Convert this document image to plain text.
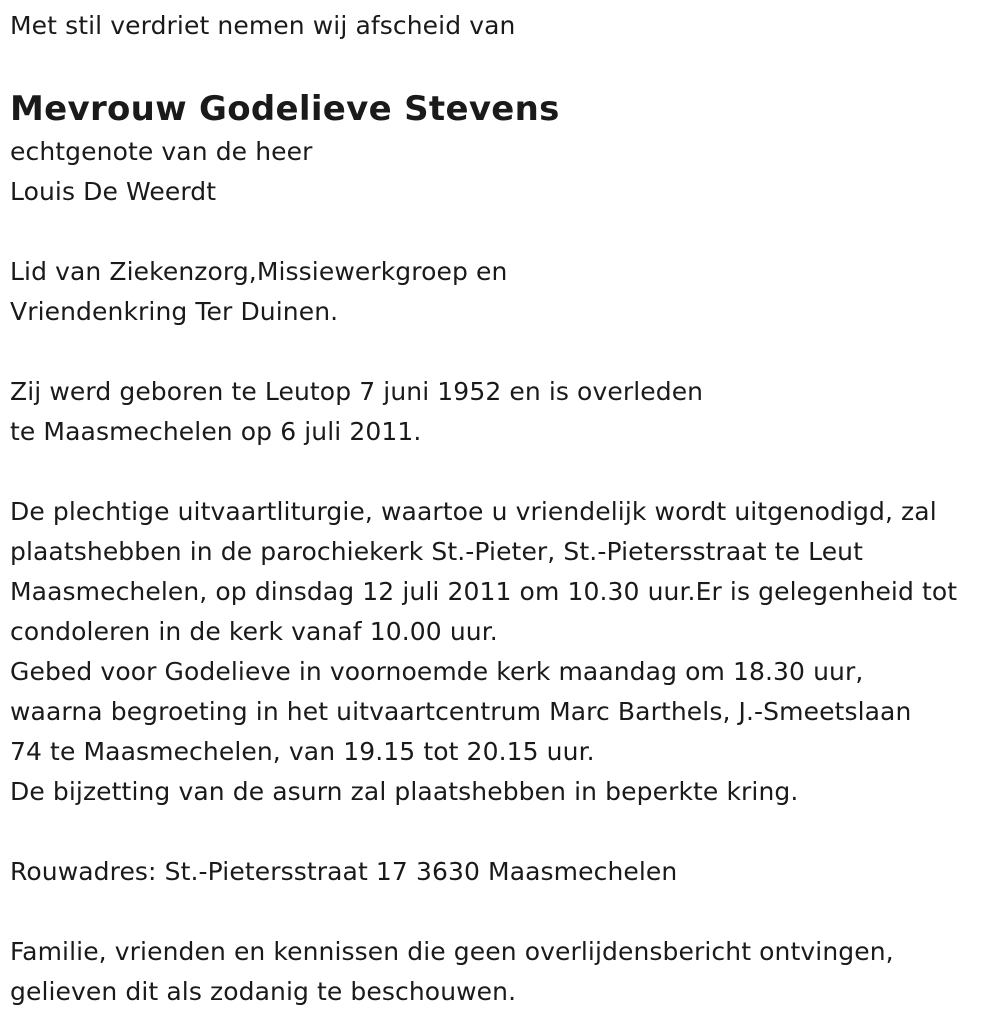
Met stil verdriet nemen wij afscheid van
Mevrouw Godelieve Stevens
echtgenote van de heer
Louis De Weerdt
Lid van Ziekenzorg,Missiewerkgroep en
Vriendenkring Ter Duinen.
Zij werd geboren te Leutop 7 juni 1952 en is overleden
te Maasmechelen op 6 juli 2011.
De plechtige uitvaartliturgie, waartoe u vriendelijk wordt uitgenodigd, zal
plaatshebben in de parochiekerk St.-Pieter, St.-Pietersstraat te Leut
Maasmechelen, op dinsdag 12 juli 2011 om 10.30 uur.Er is gelegenheid tot
condoleren in de kerk vanaf 10.00 uur.
Gebed voor Godelieve in voornoemde kerk maandag om 18.30 uur,
waarna begroeting in het uitvaartcentrum Marc Barthels, J.-Smeetslaan
74 te Maasmechelen, van 19.15 tot 20.15 uur.
De bijzetting van de asurn zal plaatshebben in beperkte kring.
Rouwadres: St.-Pietersstraat 17 3630 Maasmechelen
Familie, vrienden en kennissen die geen overlijdensbericht ontvingen,
gelieven dit als zodanig te beschouwen.
